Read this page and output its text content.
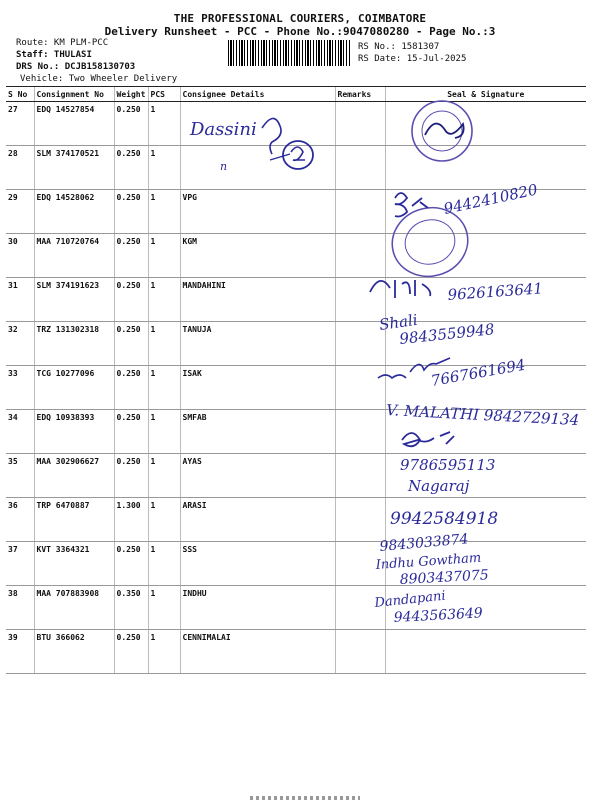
THE PROFESSIONAL COURIERS, COIMBATORE
Delivery Runsheet - PCC - Phone No.:9047080280 - Page No.:3
Route: KM PLM-PCC
Staff: THULASI
DRS No.: DCJB158130703
Vehicle: Two Wheeler Delivery
RS No.: 1581307
RS Date: 15-Jul-2025
S No	Consignment No	Weight	PCS	Consignee Details	Remarks	Seal & Signature
27	EDQ 14527854	0.250	1			
28	SLM 374170521	0.250	1			
29	EDQ 14528062	0.250	1	VPG		
30	MAA 710720764	0.250	1	KGM		
31	SLM 374191623	0.250	1	MANDAHINI		
32	TRZ 131302318	0.250	1	TANUJA		
33	TCG 10277096	0.250	1	ISAK		
34	EDQ 10938393	0.250	1	SMFAB		
35	MAA 302906627	0.250	1	AYAS		
36	TRP 6470887	1.300	1	ARASI		
37	KVT 3364321	0.250	1	SSS		
38	MAA 707883908	0.350	1	INDHU		
39	BTU 366062	0.250	1	CENNIMALAI		
Dassini
n
9442410820
9626163641
Shali
9843559948
7667661694
V. MALATHI 9842729134
9786595113
Nagaraj
9942584918
9843033874
Indhu Gowtham
8903437075
Dandapani
9443563649
